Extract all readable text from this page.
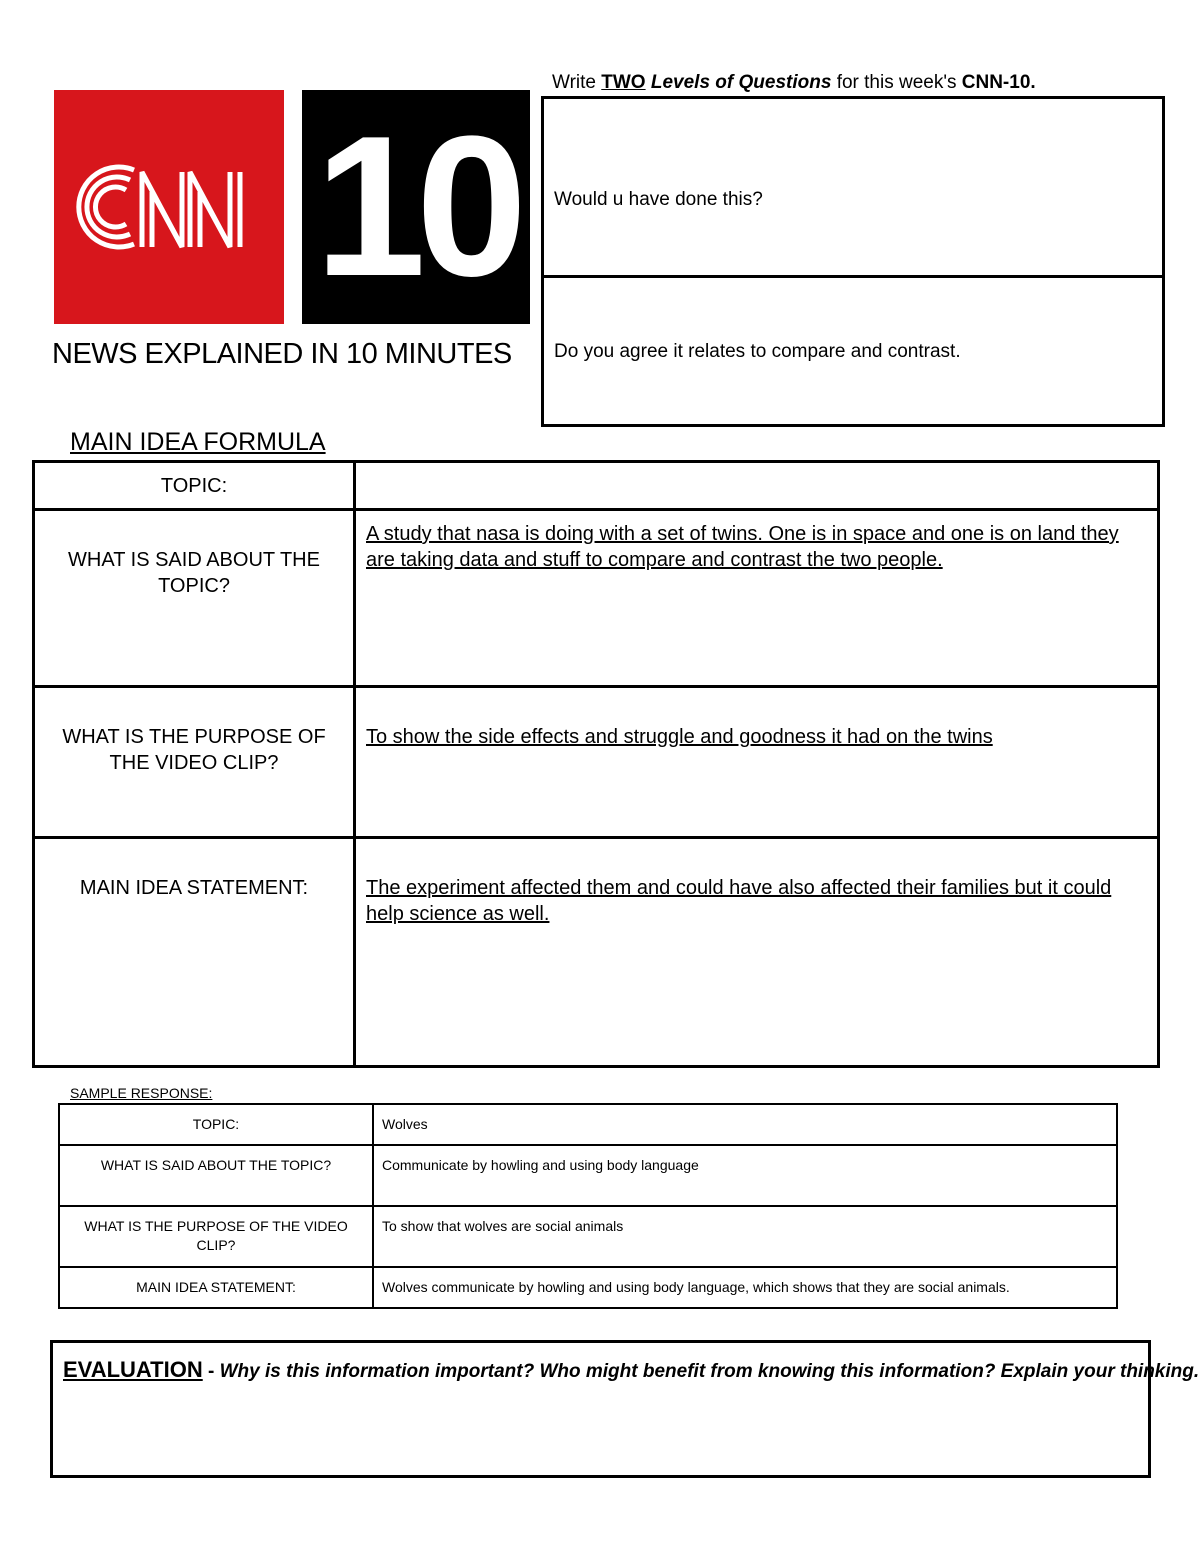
10
NEWS EXPLAINED IN 10 MINUTES
Write TWO Levels of Questions for this week's CNN-10.
Would u have done this?
Do you agree it relates to compare and contrast.
MAIN IDEA FORMULA
TOPIC:	
WHAT IS SAID ABOUT THE TOPIC?	A study that nasa is doing with a set of twins. One is in space and one is on land they are taking data and stuff to compare and contrast the two people.
WHAT IS THE PURPOSE OF THE VIDEO CLIP?	To show the side effects and struggle and goodness it had on the twins
MAIN IDEA STATEMENT:	The experiment affected them and could have also affected their families but it could help science as well.
SAMPLE RESPONSE:
TOPIC:	Wolves
WHAT IS SAID ABOUT THE TOPIC?	Communicate by howling and using body language
WHAT IS THE PURPOSE OF THE VIDEO CLIP?	To show that wolves are social animals
MAIN IDEA STATEMENT:	Wolves communicate by howling and using body language, which shows that they are social animals.
EVALUATION - Why is this information important? Who might benefit from knowing this information? Explain your thinking.
